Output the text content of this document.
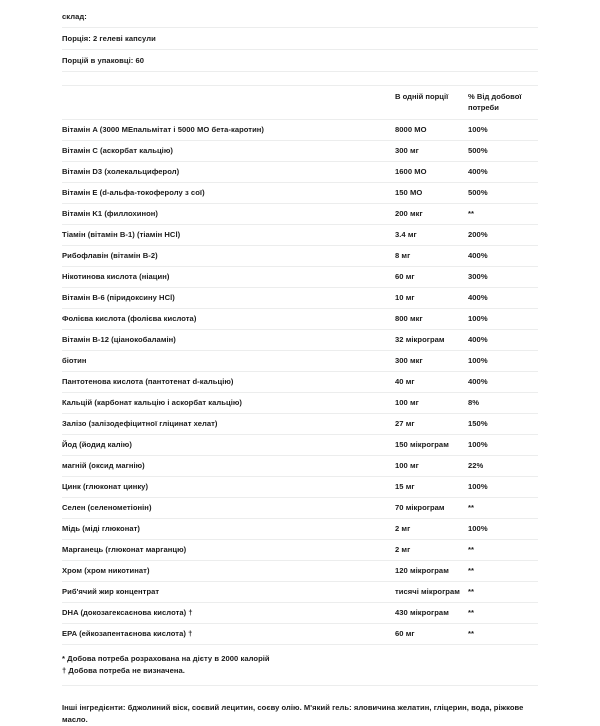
склад:
Порція: 2 гелеві капсули
Порцій в упаковці: 60
В одній порції	% Від добової потреби
Вітамін A (3000 МЕпальмітат і 5000 МО бета-каротин)	8000 МО	100%
Вітамін C (аскорбат кальцію)	300 мг	500%
Вітамін D3 (холекальциферол)	1600 МО	400%
Вітамін E (d-альфа-токоферолу з сої)	150 МО	500%
Вітамін K1 (филлохинон)	200 мкг	**
Тіамін (вітамін B-1) (тіамін HCl)	3.4 мг	200%
Рибофлавін (вітамін B-2)	8 мг	400%
Нікотинова кислота (ніацин)	60 мг	300%
Вітамін B-6 (піридоксину HCl)	10 мг	400%
Фолієва кислота (фолієва кислота)	800 мкг	100%
Вітамін B-12 (ціанокобаламін)	32 мікрограм	400%
біотин	300 мкг	100%
Пантотенова кислота (пантотенат d-кальцію)	40 мг	400%
Кальцій (карбонат кальцію і аскорбат кальцію)	100 мг	8%
Залізо (залізодефіцитної гліцинат хелат)	27 мг	150%
Йод (йодид калію)	150 мікрограм	100%
магній (оксид магнію)	100 мг	22%
Цинк (глюконат цинку)	15 мг	100%
Селен (селенометіонін)	70 мікрограм	**
Мідь (міді глюконат)	2 мг	100%
Марганець (глюконат марганцю)	2 мг	**
Хром (хром никотинат)	120 мікрограм	**
Риб'ячий жир концентрат	тисячі мікрограм	**
DHA (докозагексаєнова кислота) †	430 мікрограм	**
EPA (ейкозапентаєнова кислота) †	60 мг	**
* Добова потреба розрахована на дієту в 2000 калорій
† Добова потреба не визначена.
Інші інгредієнти: бджолиний віск, соєвий лецитин, соєву олію. М'який гель: яловичина желатин, гліцерин, вода, ріжкове масло.
